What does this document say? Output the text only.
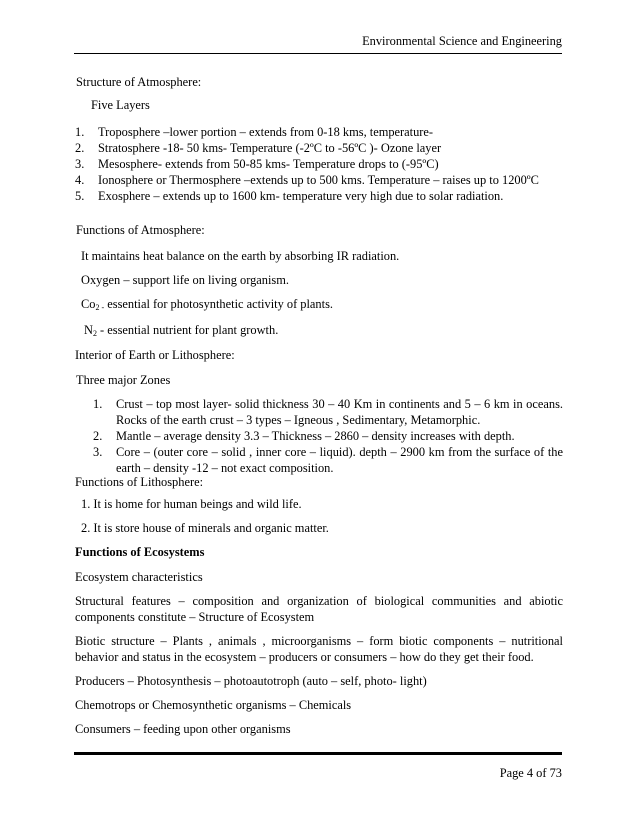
Environmental Science and Engineering
Structure of Atmosphere:
Five Layers
1. Troposphere –lower portion – extends from 0-18 kms, temperature-
2. Stratosphere -18- 50 kms- Temperature (-2ºC to -56ºC )- Ozone layer
3. Mesosphere- extends from 50-85 kms- Temperature drops to (-95ºC)
4. Ionosphere or Thermosphere –extends up to 500 kms. Temperature – raises up to 1200ºC
5. Exosphere – extends up to 1600 km- temperature very high due to solar radiation.
Functions of Atmosphere:
It maintains heat balance on the earth by absorbing IR radiation.
Oxygen – support life on living organism.
$Co_2$ $_-$ essential for photosynthetic activity of plants.
$N_2$ - essential nutrient for plant growth.
Interior of Earth or Lithosphere:
Three major Zones
1. Crust – top most layer- solid thickness 30 – 40 Km in continents and 5 – 6 km in oceans.
Rocks of the earth crust – 3 types – Igneous , Sedimentary, Metamorphic.
2. Mantle – average density 3.3 – Thickness – 2860 – density increases with depth.
3. Core – (outer core – solid , inner core – liquid). depth – 2900 km from the surface of the
earth – density -12 – not exact composition.
Functions of Lithosphere:
1. It is home for human beings and wild life.
2. It is store house of minerals and organic matter.
Functions of Ecosystems
Ecosystem characteristics
Structural features – composition and organization of biological communities and abiotic
components constitute – Structure of Ecosystem
Biotic structure – Plants , animals , microorganisms – form biotic components – nutritional
behavior and status in the ecosystem – producers or consumers – how do they get their food.
Producers – Photosynthesis – photoautotroph (auto – self, photo- light)
Chemotrops or Chemosynthetic organisms – Chemicals
Consumers – feeding upon other organisms
Page 4 of 73
